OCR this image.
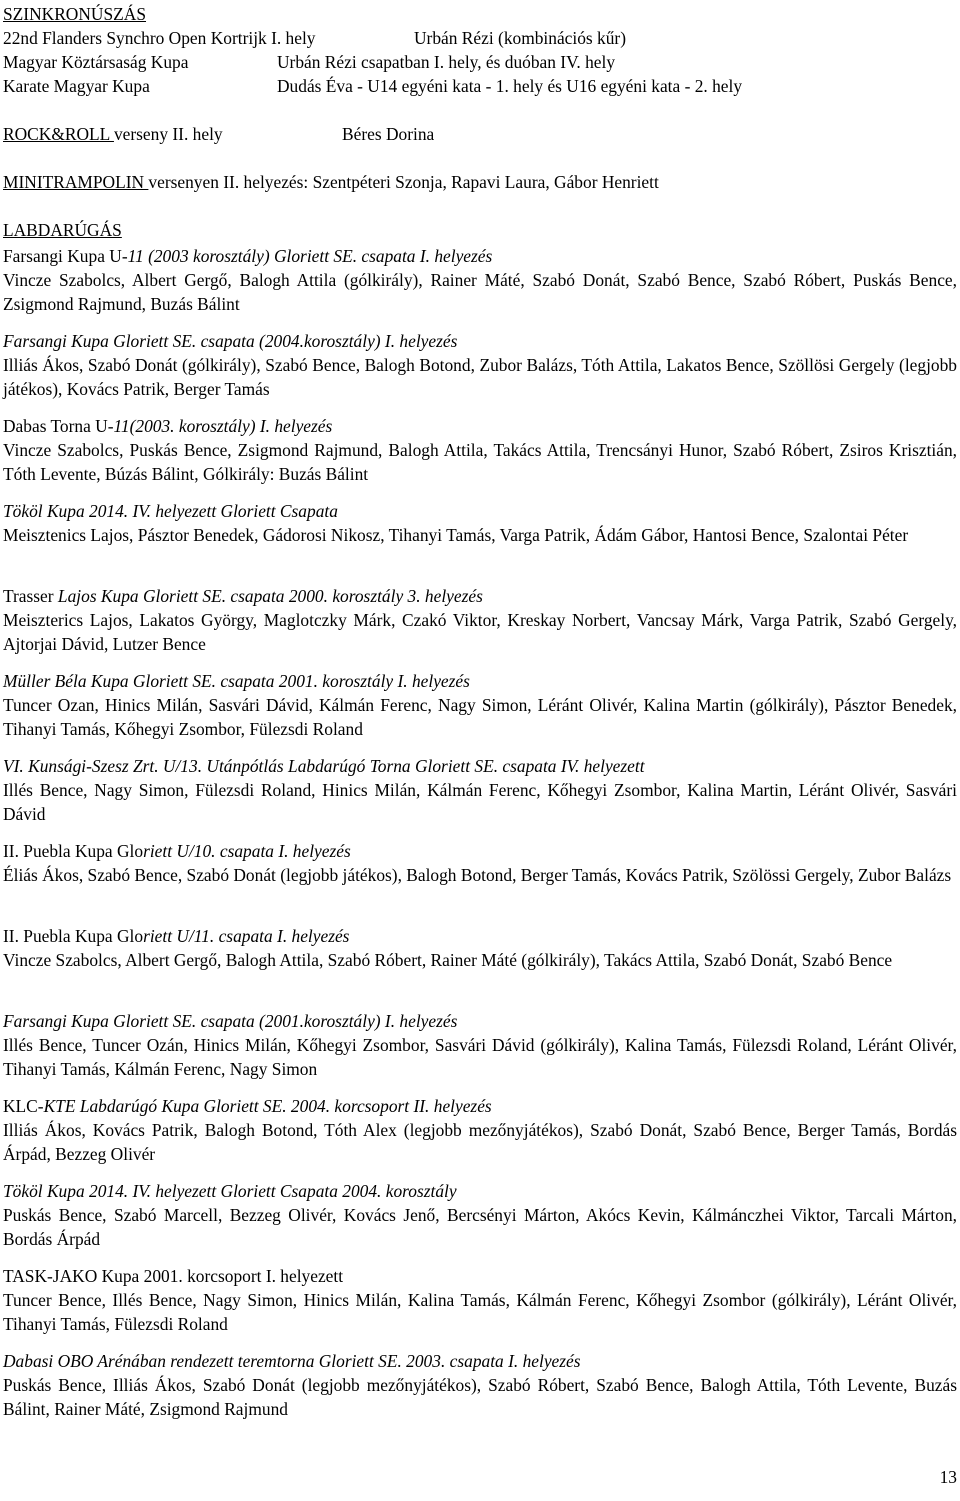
SZINKRONÚSZÁS
22nd Flanders Synchro Open Kortrijk I. hely	Urbán Rézi (kombinációs kűr)
Magyar Köztársaság Kupa	Urbán Rézi csapatban I. hely, és duóban IV. hely
Karate Magyar Kupa	Dudás Éva - U14 egyéni kata - 1. hely és U16 egyéni kata - 2. hely
ROCK&ROLL verseny II. hely	Béres Dorina
MINITRAMPOLIN versenyen II. helyezés: Szentpéteri Szonja, Rapavi Laura, Gábor Henriett
LABDARÚGÁS
Farsangi Kupa U-11 (2003 korosztály) Gloriett SE. csapata I. helyezés
Vincze Szabolcs, Albert Gergő, Balogh Attila (gólkirály), Rainer Máté, Szabó Donát, Szabó Bence, Szabó Róbert, Puskás Bence, Zsigmond Rajmund, Buzás Bálint
Farsangi Kupa Gloriett SE. csapata (2004.korosztály) I. helyezés
Illiás Ákos, Szabó Donát (gólkirály), Szabó Bence, Balogh Botond, Zubor Balázs, Tóth Attila, Lakatos Bence, Szöllösi Gergely (legjobb játékos), Kovács Patrik, Berger Tamás
Dabas Torna U-11(2003. korosztály) I. helyezés
Vincze Szabolcs, Puskás Bence, Zsigmond Rajmund, Balogh Attila, Takács Attila, Trencsányi Hunor, Szabó Róbert, Zsiros Krisztián, Tóth Levente, Búzás Bálint, Gólkirály: Buzás Bálint
Tököl Kupa 2014. IV. helyezett Gloriett Csapata
Meisztenics Lajos, Pásztor Benedek, Gádorosi Nikosz, Tihanyi Tamás, Varga Patrik, Ádám Gábor, Hantosi Bence, Szalontai Péter
Trasser Lajos Kupa Gloriett SE. csapata 2000. korosztály 3. helyezés
Meiszterics Lajos, Lakatos György, Maglotczky Márk, Czakó Viktor, Kreskay Norbert, Vancsay Márk, Varga Patrik, Szabó Gergely, Ajtorjai Dávid, Lutzer Bence
Müller Béla Kupa Gloriett SE. csapata 2001. korosztály I. helyezés
Tuncer Ozan, Hinics Milán, Sasvári Dávid, Kálmán Ferenc, Nagy Simon, Léránt Olivér, Kalina Martin (gólkirály), Pásztor Benedek, Tihanyi Tamás, Kőhegyi Zsombor, Fülezsdi Roland
VI. Kunsági-Szesz Zrt. U/13. Utánpótlás Labdarúgó Torna Gloriett SE. csapata IV. helyezett
Illés Bence, Nagy Simon, Fülezsdi Roland, Hinics Milán, Kálmán Ferenc, Kőhegyi Zsombor, Kalina Martin, Léránt Olivér, Sasvári Dávid
II. Puebla Kupa Gloriett U/10. csapata I. helyezés
Éliás Ákos, Szabó Bence, Szabó Donát (legjobb játékos), Balogh Botond, Berger Tamás, Kovács Patrik, Szölössi Gergely, Zubor Balázs
II. Puebla Kupa Gloriett U/11. csapata I. helyezés
Vincze Szabolcs, Albert Gergő, Balogh Attila, Szabó Róbert, Rainer Máté (gólkirály), Takács Attila, Szabó Donát, Szabó Bence
Farsangi Kupa Gloriett SE. csapata (2001.korosztály) I. helyezés
Illés Bence, Tuncer Ozán, Hinics Milán, Kőhegyi Zsombor, Sasvári Dávid (gólkirály), Kalina Tamás, Fülezsdi Roland, Léránt Olivér, Tihanyi Tamás, Kálmán Ferenc, Nagy Simon
KLC-KTE Labdarúgó Kupa Gloriett SE. 2004. korcsoport II. helyezés
Illiás Ákos, Kovács Patrik, Balogh Botond, Tóth Alex (legjobb mezőnyjátékos), Szabó Donát, Szabó Bence, Berger Tamás, Bordás Árpád, Bezzeg Olivér
Tököl Kupa 2014. IV. helyezett Gloriett Csapata 2004. korosztály
Puskás Bence, Szabó Marcell, Bezzeg Olivér, Kovács Jenő, Bercsényi Márton, Akócs Kevin, Kálmánczhei Viktor, Tarcali Márton, Bordás Árpád
TASK-JAKO Kupa 2001. korcsoport I. helyezett
Tuncer Bence, Illés Bence, Nagy Simon, Hinics Milán, Kalina Tamás, Kálmán Ferenc, Kőhegyi Zsombor (gólkirály), Léránt Olivér, Tihanyi Tamás, Fülezsdi Roland
Dabasi OBO Arénában rendezett teremtorna Gloriett SE. 2003. csapata I. helyezés
Puskás Bence, Illiás Ákos, Szabó Donát (legjobb mezőnyjátékos), Szabó Róbert, Szabó Bence, Balogh Attila, Tóth Levente, Buzás Bálint, Rainer Máté, Zsigmond Rajmund
13
